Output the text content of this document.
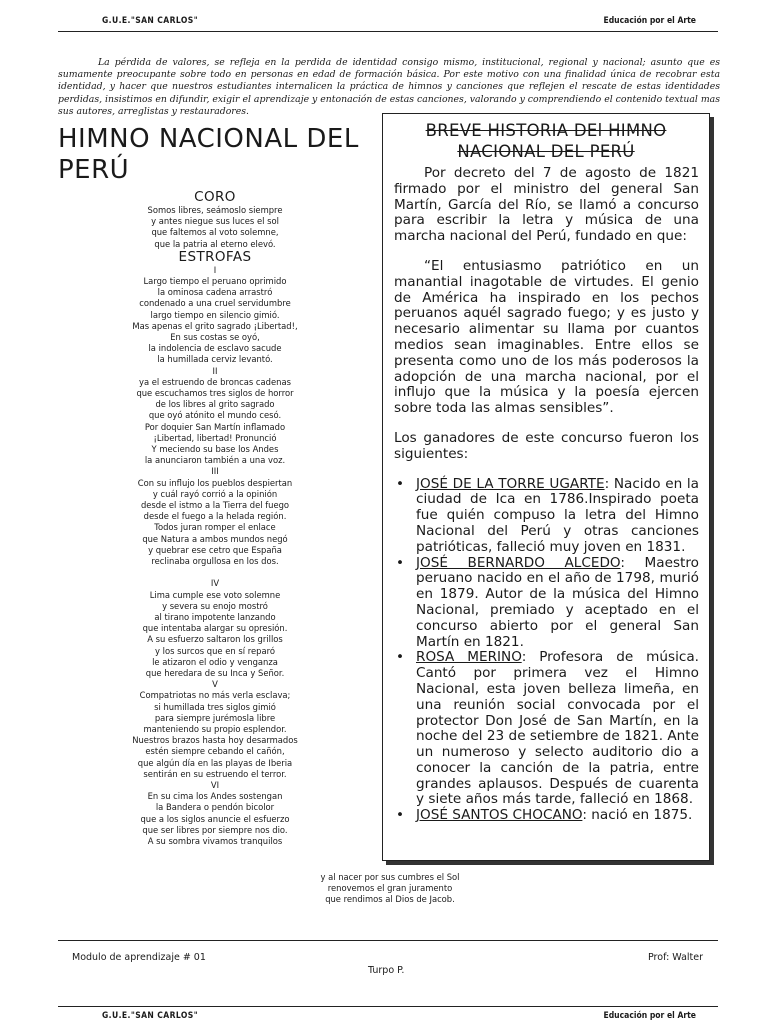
G.U.E."SAN CARLOS"	Educación por el Arte
La pérdida de valores, se refleja en la perdida de identidad consigo mismo, institucional, regional y nacional; asunto que es sumamente preocupante sobre todo en personas en edad de formación básica. Por este motivo con una finalidad única de recobrar esta identidad, y hacer que nuestros estudiantes internalicen la práctica de himnos y canciones que reflejen el rescate de estas identidades perdidas, insistimos en difundir, exigir el aprendizaje y entonación de estas canciones, valorando y comprendiendo el contenido textual mas sus autores, arreglistas y restauradores.
HIMNO NACIONAL DEL PERÚ
CORO
Somos libres, seámoslo siempre
y antes niegue sus luces el sol
que faltemos al voto solemne,
que la patria al eterno elevó.
ESTROFAS
I
Largo tiempo el peruano oprimido
la ominosa cadena arrastró
condenado a una cruel servidumbre
largo tiempo en silencio gimió.
Mas apenas el grito sagrado ¡Libertad!,
En sus costas se oyó,
la indolencia de esclavo sacude
la humillada cerviz levantó.
II
ya el estruendo de broncas cadenas
que escuchamos tres siglos de horror
de los libres al grito sagrado
que oyó atónito el mundo cesó.
Por doquier San Martín inflamado
¡Libertad, libertad! Pronunció
Y meciendo su base los Andes
la anunciaron también a una voz.
III
Con su influjo los pueblos despiertan
y cuál rayó corrió a la opinión
desde el istmo a la Tierra del fuego
desde el fuego a la helada región.
Todos juran romper el enlace
que Natura a ambos mundos negó
y quebrar ese cetro que España
reclinaba orgullosa en los dos.
IV
Lima cumple ese voto solemne
y severa su enojo mostró
al tirano impotente lanzando
que intentaba alargar su opresión.
A su esfuerzo saltaron los grillos
y los surcos que en sí reparó
le atizaron el odio y venganza
que heredara de su Inca y Señor.
V
Compatriotas no más verla esclava;
si humillada tres siglos gimió
para siempre jurémosla libre
manteniendo su propio esplendor.
Nuestros brazos hasta hoy desarmados
estén siempre cebando el cañón,
que algún día en las playas de Iberia
sentirán en su estruendo el terror.
VI
En su cima los Andes sostengan
la Bandera o pendón bicolor
que a los siglos anuncie el esfuerzo
que ser libres por siempre nos dio.
A su sombra vivamos tranquilos
y al nacer por sus cumbres el Sol
renovemos el gran juramento
que rendimos al Dios de Jacob.
BREVE HISTORIA DEl HIMNO
NACIONAL DEL PERÚ

Por decreto del 7 de agosto de 1821 firmado por el ministro del general San Martín, García del Río, se llamó a concurso para escribir la letra y música de una marcha nacional del Perú, fundado en que:

“El entusiasmo patriótico en un manantial inagotable de virtudes. El genio de América ha inspirado en los pechos peruanos aquél sagrado fuego; y es justo y necesario alimentar su llama por cuantos medios sean imaginables. Entre ellos se presenta como uno de los más poderosos la adopción de una marcha nacional, por el influjo que la música y la poesía ejercen sobre toda las almas sensibles”.

Los ganadores de este concurso fueron los siguientes:

• JOSÉ DE LA TORRE UGARTE: Nacido en la ciudad de Ica en 1786.Inspirado poeta fue quién compuso la letra del Himno Nacional del Perú y otras canciones patrióticas, falleció muy joven en 1831.
• JOSÉ BERNARDO ALCEDO: Maestro peruano nacido en el año de 1798, murió en 1879. Autor de la música del Himno Nacional, premiado y aceptado en el concurso abierto por el general San Martín en 1821.
• ROSA MERINO: Profesora de música. Cantó por primera vez el Himno Nacional, esta joven belleza limeña, en una reunión social convocada por el protector Don José de San Martín, en la noche del 23 de setiembre de 1821. Ante un numeroso y selecto auditorio dio a conocer la canción de la patria, entre grandes aplausos. Después de cuarenta y siete años más tarde, falleció en 1868.
• JOSÉ SANTOS CHOCANO: nació en 1875.
Modulo de aprendizaje # 01	Prof: Walter
Turpo P.
G.U.E."SAN CARLOS"	Educación por el Arte
